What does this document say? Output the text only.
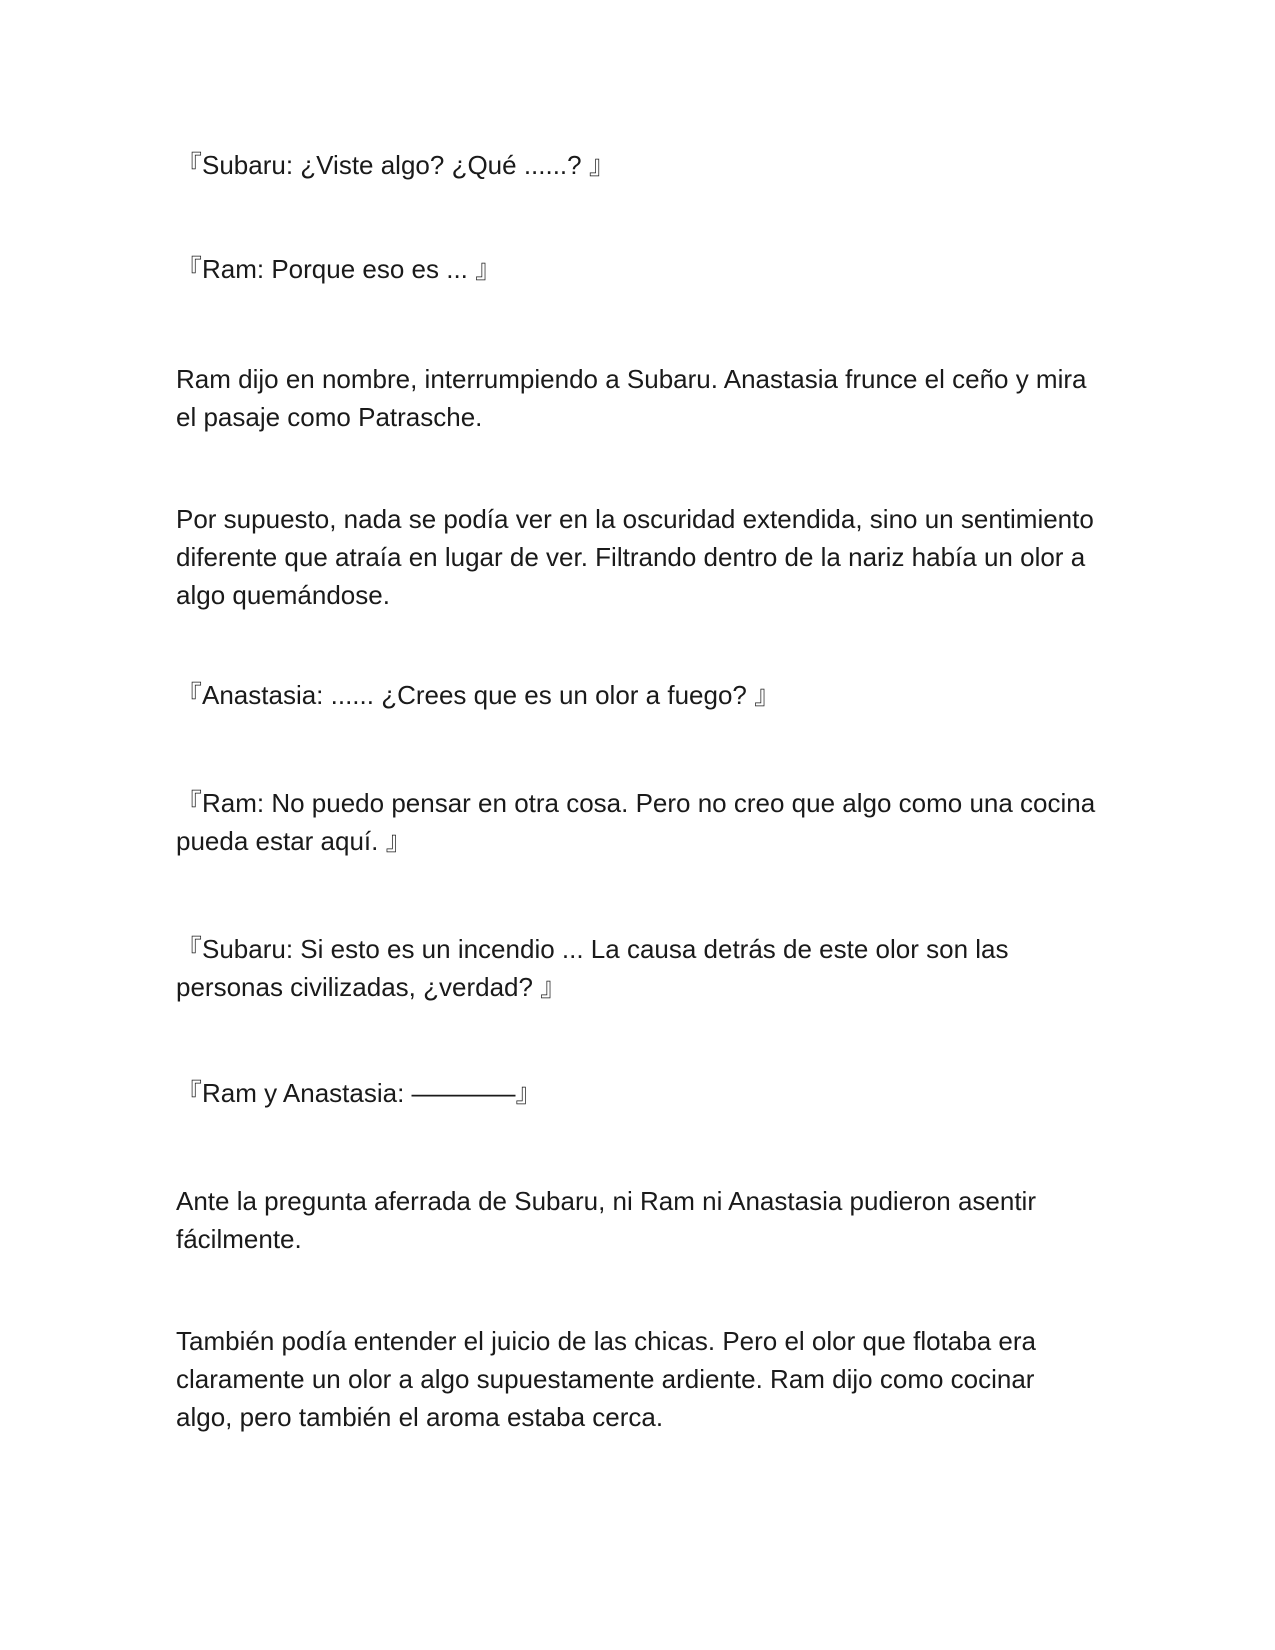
『Subaru: ¿Viste algo? ¿Qué ......? 』

『Ram: Porque eso es ... 』

Ram dijo en nombre, interrumpiendo a Subaru. Anastasia frunce el ceño y mira el pasaje como Patrasche.

Por supuesto, nada se podía ver en la oscuridad extendida, sino un sentimiento diferente que atraía en lugar de ver. Filtrando dentro de la nariz había un olor a algo quemándose.

『Anastasia: ...... ¿Crees que es un olor a fuego? 』

『Ram: No puedo pensar en otra cosa. Pero no creo que algo como una cocina pueda estar aquí. 』

『Subaru: Si esto es un incendio ... La causa detrás de este olor son las personas civilizadas, ¿verdad? 』

『Ram y Anastasia: ————』

Ante la pregunta aferrada de Subaru, ni Ram ni Anastasia pudieron asentir fácilmente.

También podía entender el juicio de las chicas. Pero el olor que flotaba era claramente un olor a algo supuestamente ardiente. Ram dijo como cocinar algo, pero también el aroma estaba cerca.
